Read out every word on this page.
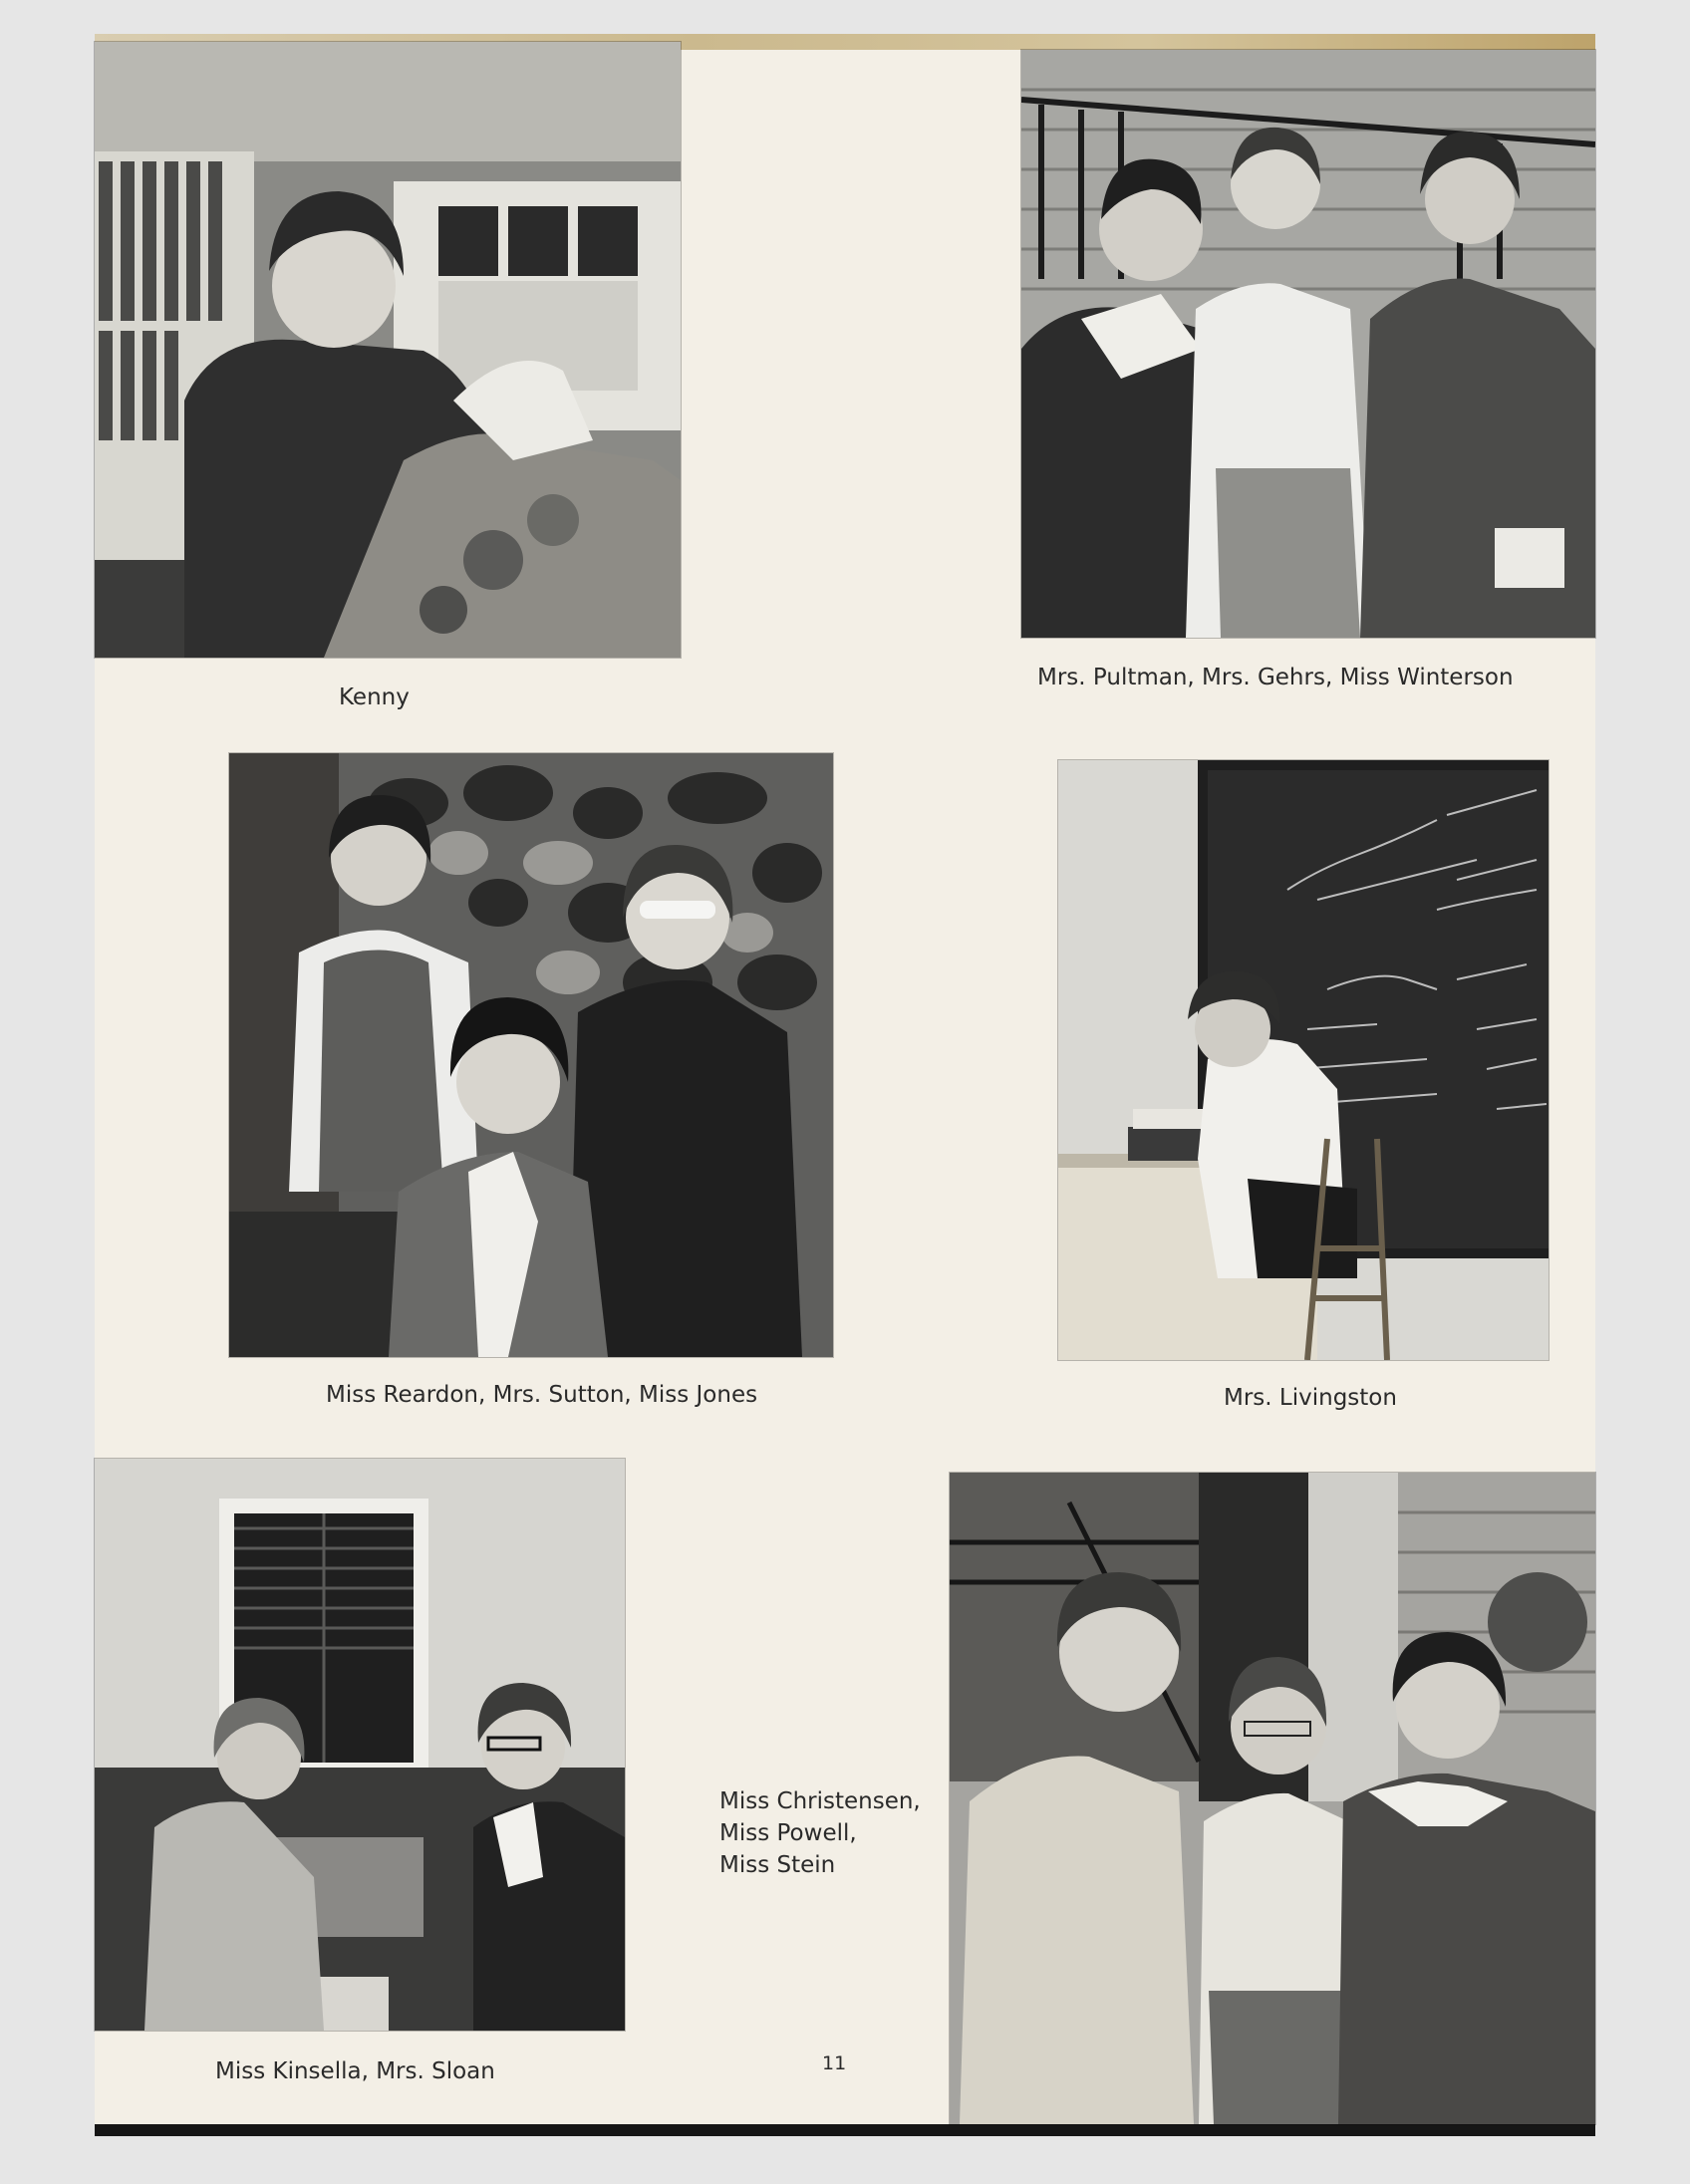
Kenny
Mrs. Pultman, Mrs. Gehrs, Miss Winterson
Miss Reardon, Mrs. Sutton, Miss Jones	Mrs. Livingston
Miss Kinsella, Mrs. Sloan
Miss Christensen,
Miss Powell,
Miss Stein
11
